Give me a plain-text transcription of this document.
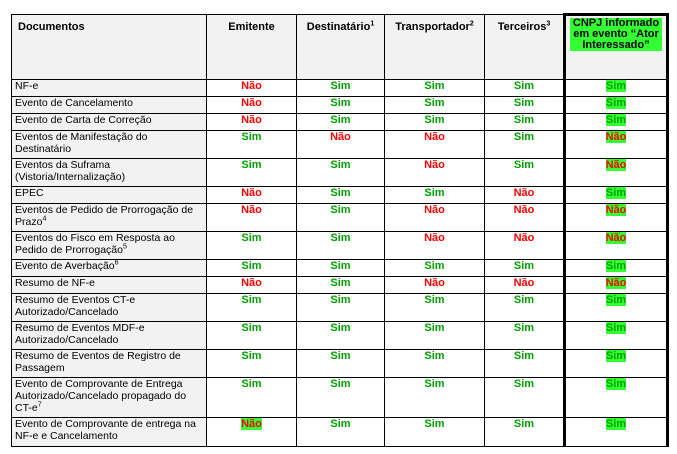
Documentos	Emitente	Destinatário$^1$	Transportador$^2$	Terceiros$^3$	CNPJ informado em evento “Ator Interessado”
NF-e	Não	Sim	Sim	Sim	Sim
Evento de Cancelamento	Não	Sim	Sim	Sim	Sim
Evento de Carta de Correção	Não	Sim	Sim	Sim	Sim
Eventos de Manifestação do Destinatário	Sim	Não	Não	Sim	Não
Eventos da Suframa (Vistoria/Internalização)	Sim	Sim	Não	Sim	Não
EPEC	Não	Sim	Sim	Não	Sim
Eventos de Pedido de Prorrogação de Prazo$^4$	Não	Sim	Não	Não	Não
Eventos do Fisco em Resposta ao Pedido de Prorrogação$^5$	Sim	Sim	Não	Não	Não
Evento de Averbação$^6$	Sim	Sim	Sim	Sim	Sim
Resumo de NF-e	Não	Sim	Não	Não	Não
Resumo de Eventos CT-e Autorizado/Cancelado	Sim	Sim	Sim	Sim	Sim
Resumo de Eventos MDF-e Autorizado/Cancelado	Sim	Sim	Sim	Sim	Sim
Resumo de Eventos de Registro de Passagem	Sim	Sim	Sim	Sim	Sim
Evento de Comprovante de Entrega Autorizado/Cancelado propagado do $CT-e^7$	Sim	Sim	Sim	Sim	Sim
Evento de Comprovante de entrega na NF-e e Cancelamento	Não	Sim	Sim	Sim	Sim
